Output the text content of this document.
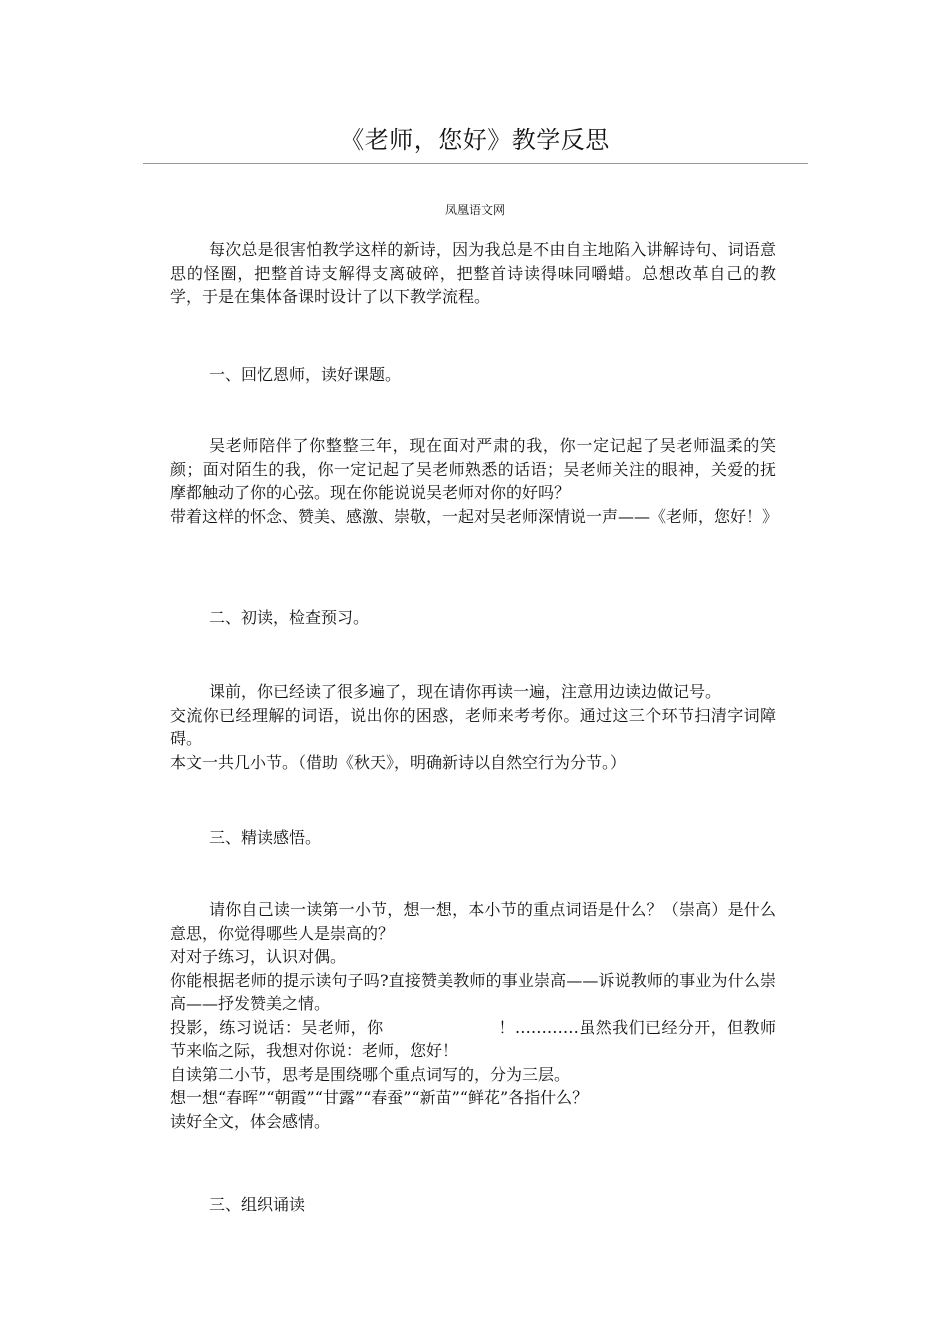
《老师，您好》教学反思
凤凰语文网
每次总是很害怕教学这样的新诗，因为我总是不由自主地陷入讲解诗句、词语意思的怪圈，把整首诗支解得支离破碎，把整首诗读得味同嚼蜡。总想改革自己的教学，于是在集体备课时设计了以下教学流程。
一、回忆恩师，读好课题。
吴老师陪伴了你整整三年，现在面对严肃的我，你一定记起了吴老师温柔的笑颜；面对陌生的我，你一定记起了吴老师熟悉的话语；吴老师关注的眼神，关爱的抚摩都触动了你的心弦。现在你能说说吴老师对你的好吗？
带着这样的怀念、赞美、感激、崇敬，一起对吴老师深情说一声——《老师，您好！》
二、初读，检查预习。
课前，你已经读了很多遍了，现在请你再读一遍，注意用边读边做记号。
交流你已经理解的词语，说出你的困惑，老师来考考你。通过这三个环节扫清字词障碍。
本文一共几小节。（借助《秋天》，明确新诗以自然空行为分节。）
三、精读感悟。
请你自己读一读第一小节，想一想，本小节的重点词语是什么？（崇高）是什么意思，你觉得哪些人是崇高的？
对对子练习，认识对偶。
你能根据老师的提示读句子吗?直接赞美教师的事业崇高——诉说教师的事业为什么崇高——抒发赞美之情。
投影，练习说话：吴老师，你　　　　　　　！…………虽然我们已经分开，但教师节来临之际，我想对你说：老师，您好！
自读第二小节，思考是围绕哪个重点词写的，分为三层。
想一想“春晖”“朝霞”“甘露”“春蚕”“新苗”“鲜花”各指什么？
读好全文，体会感情。
三、组织诵读
